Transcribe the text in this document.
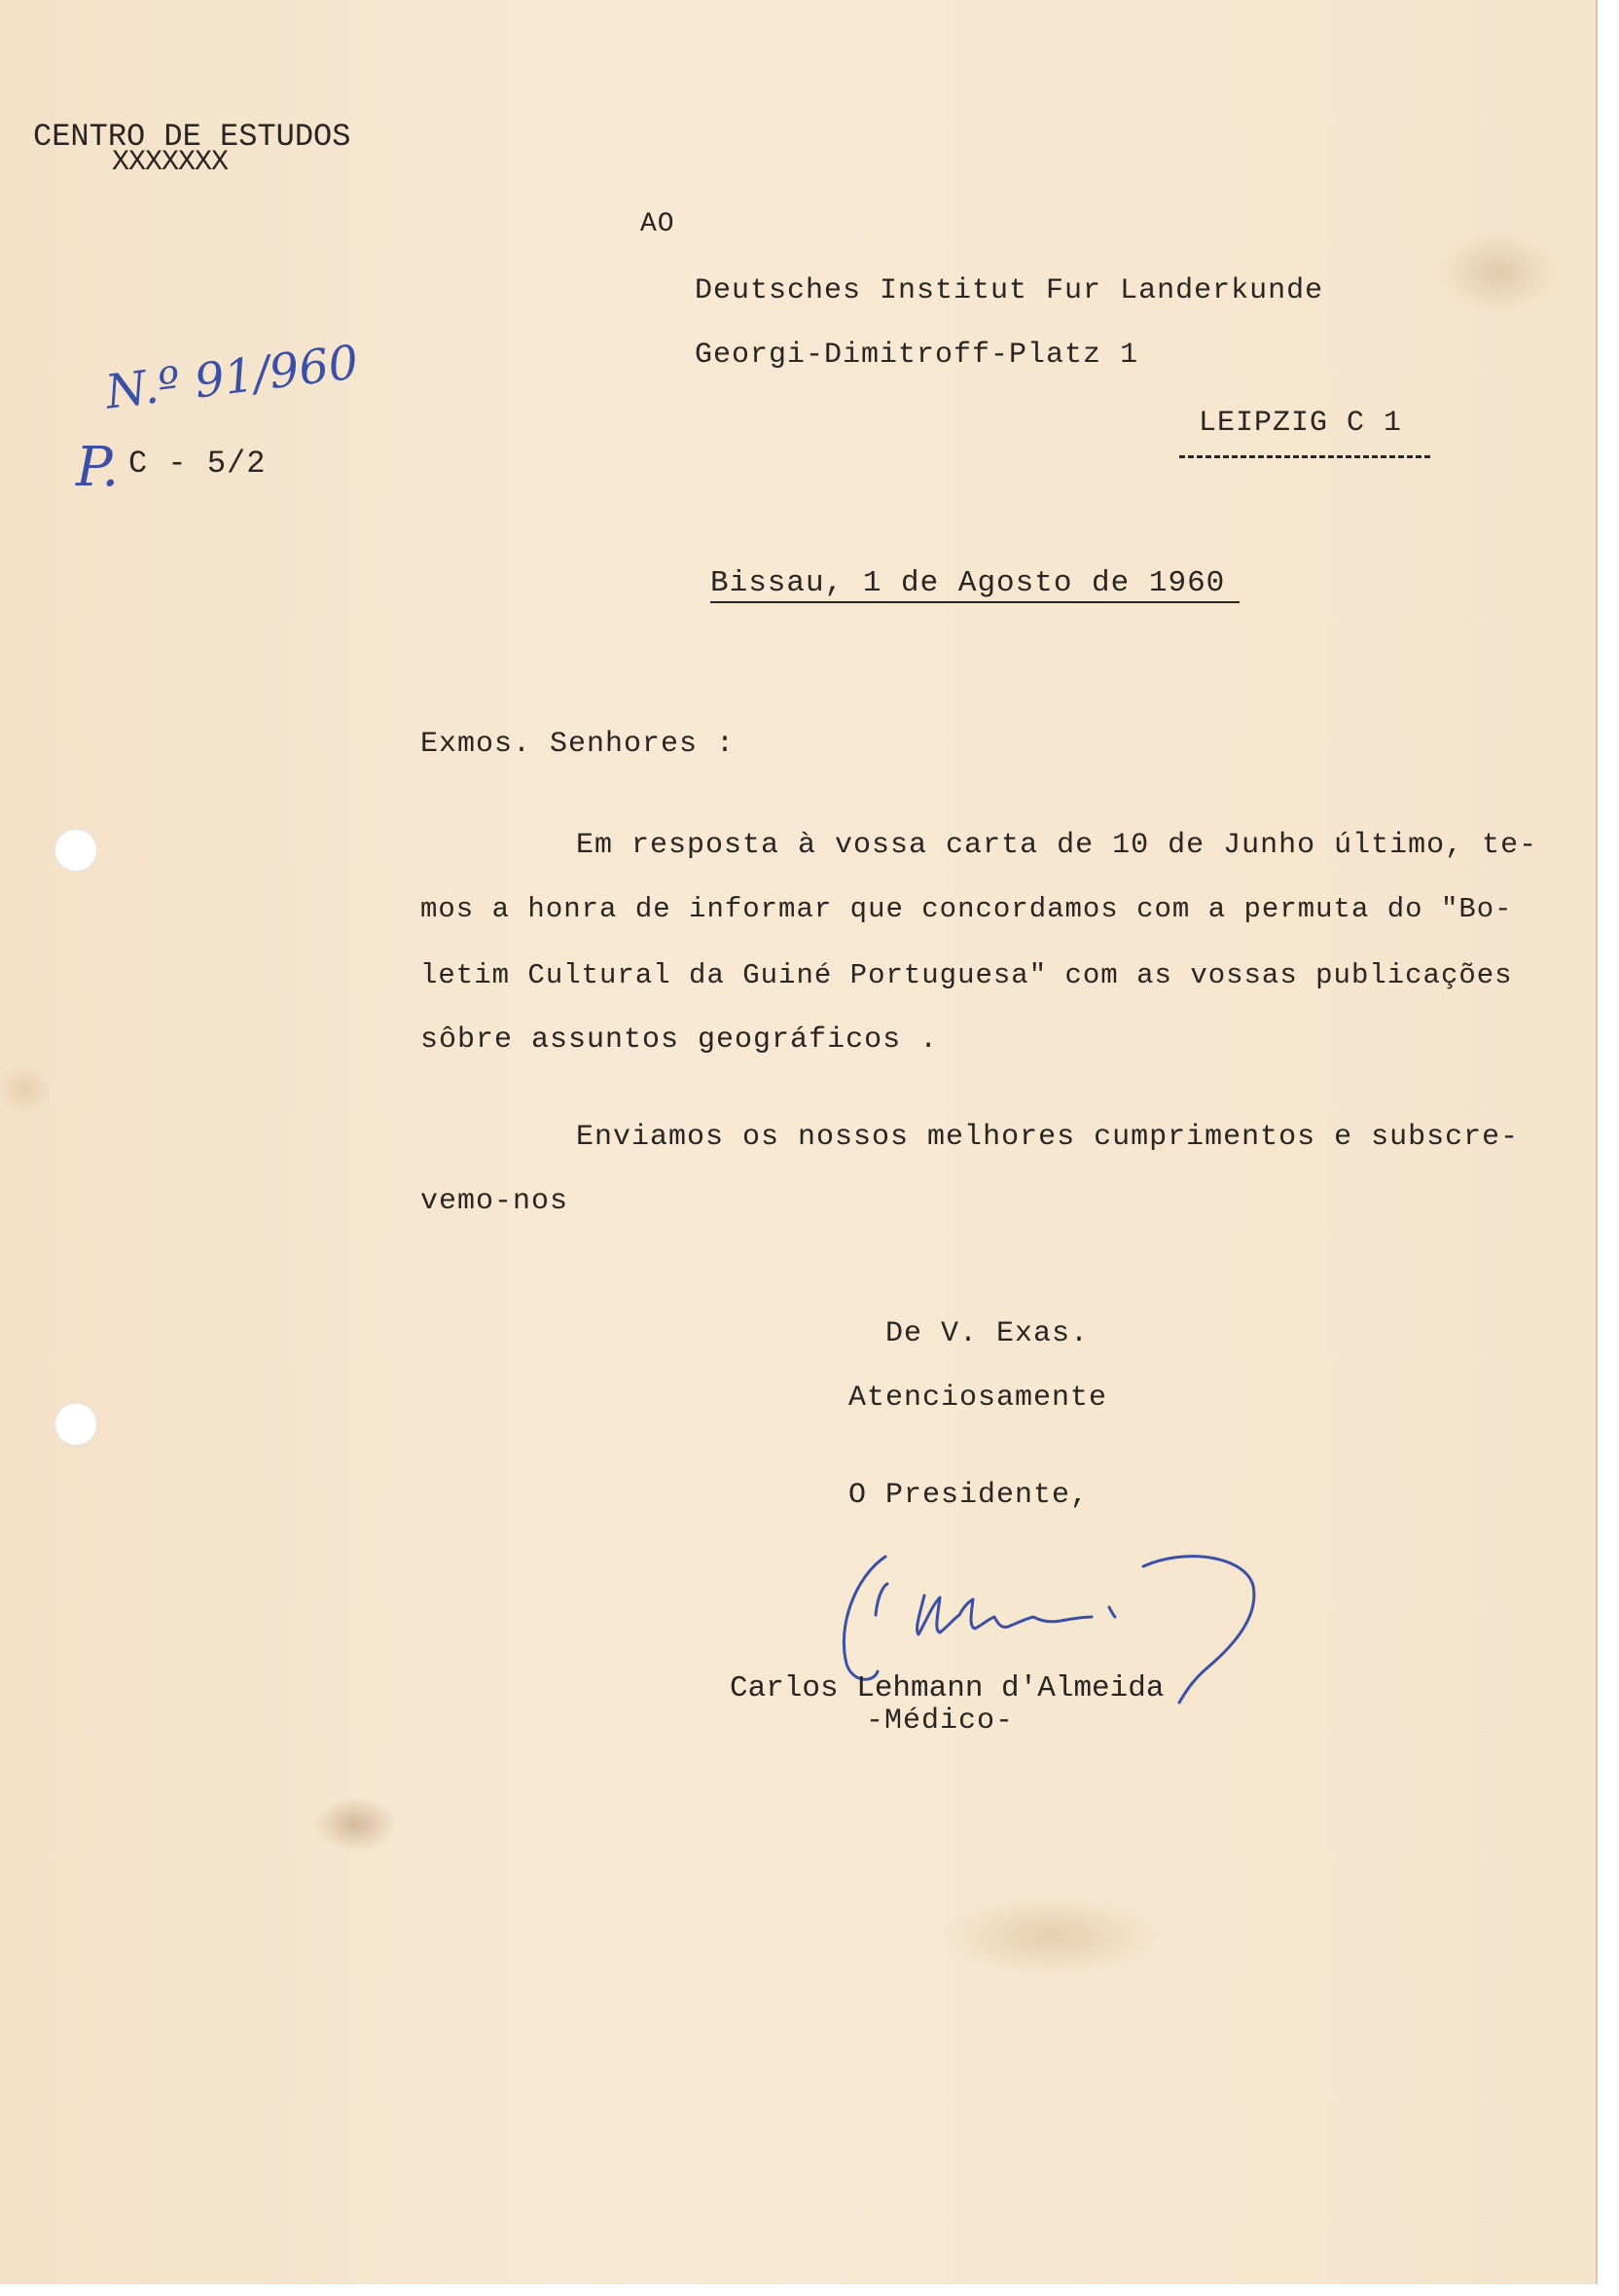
CENTRO DE ESTUDOS
XXXXXXX
N.º 91/960
P. C - 5/2
AO
Deutsches Institut Fur Landerkunde
Georgi-Dimitroff-Platz 1
LEIPZIG C 1
Bissau, 1 de Agosto de 1960
Exmos. Senhores :
Em resposta à vossa carta de 10 de Junho último, te-
mos a honra de informar que concordamos com a permuta do "Bo-
letim Cultural da Guiné Portuguesa" com as vossas publicações
sôbre assuntos geográficos .
Enviamos os nossos melhores cumprimentos e subscre-
vemo-nos
De V. Exas.
Atenciosamente
O Presidente,
Carlos Lehmann d'Almeida
-Médico-
